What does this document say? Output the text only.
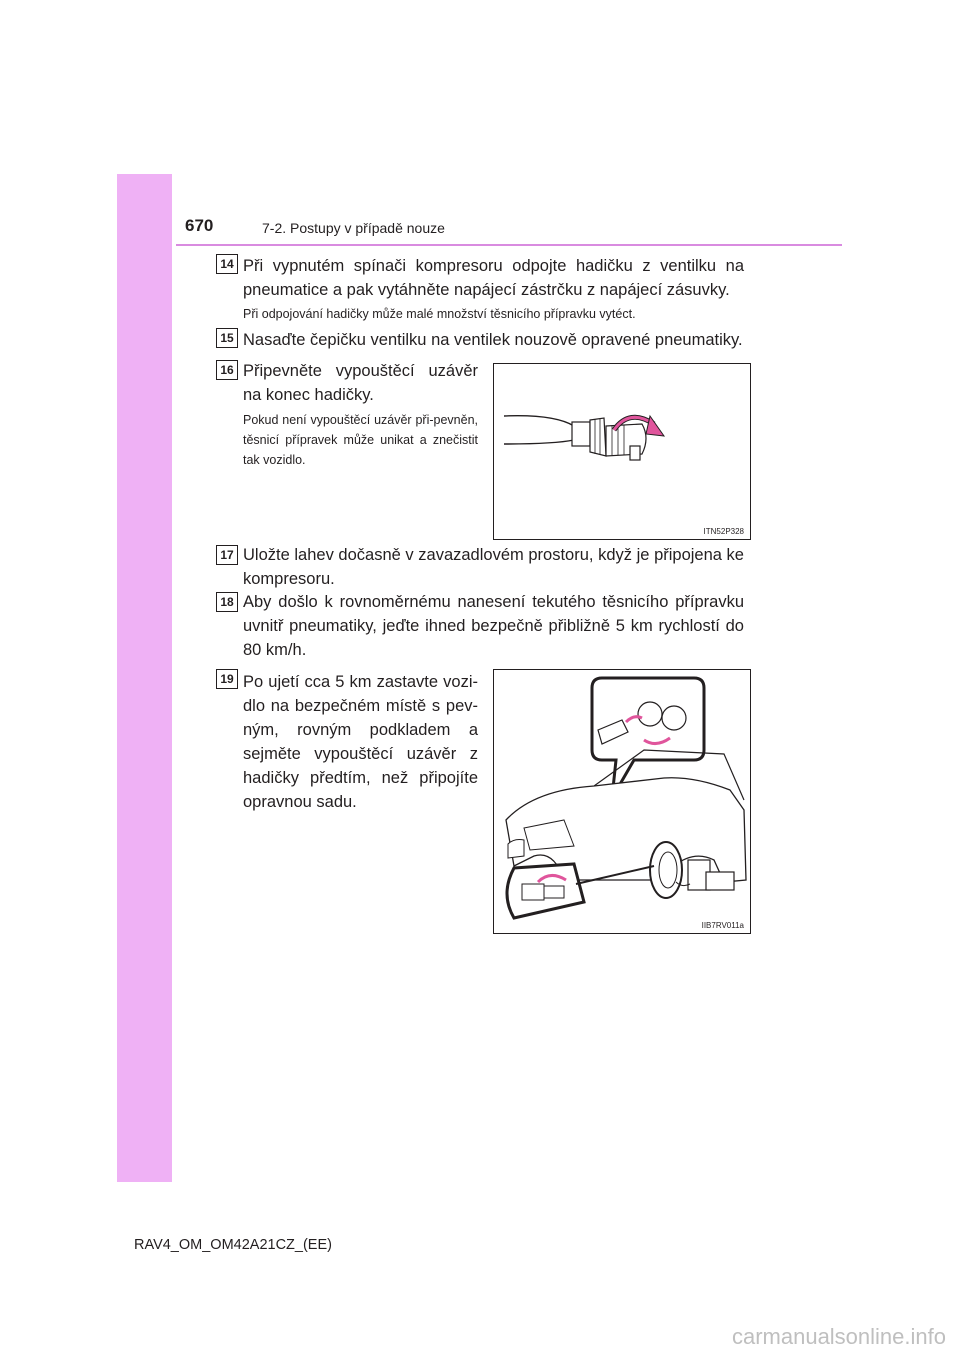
670	7-2. Postupy v případě nouze
14 Při vypnutém spínači kompresoru odpojte hadičku z ventilku na pneumatice a pak vytáhněte napájecí zástrčku z napájecí zásuvky.
Při odpojování hadičky může malé množství těsnicího přípravku vytéct.
15 Nasaďte čepičku ventilku na ventilek nouzově opravené pneumatiky.
16 Připevněte vypouštěcí uzávěr na konec hadičky.
Pokud není vypouštěcí uzávěr při-pevněn, těsnicí přípravek může unikat a znečistit tak vozidlo.
ITN52P328
17 Uložte lahev dočasně v zavazadlovém prostoru, když je připojena ke kompresoru.
18 Aby došlo k rovnoměrnému nanesení tekutého těsnicího přípravku uvnitř pneumatiky, jeďte ihned bezpečně přibližně 5 km rychlostí do 80 km/h.
19 Po ujetí cca 5 km zastavte vozi-dlo na bezpečném místě s pev-ným, rovným podkladem a sejměte vypouštěcí uzávěr z hadičky předtím, než připojíte opravnou sadu.
IIB7RV011a
RAV4_OM_OM42A21CZ_(EE)
carmanualsonline.info
